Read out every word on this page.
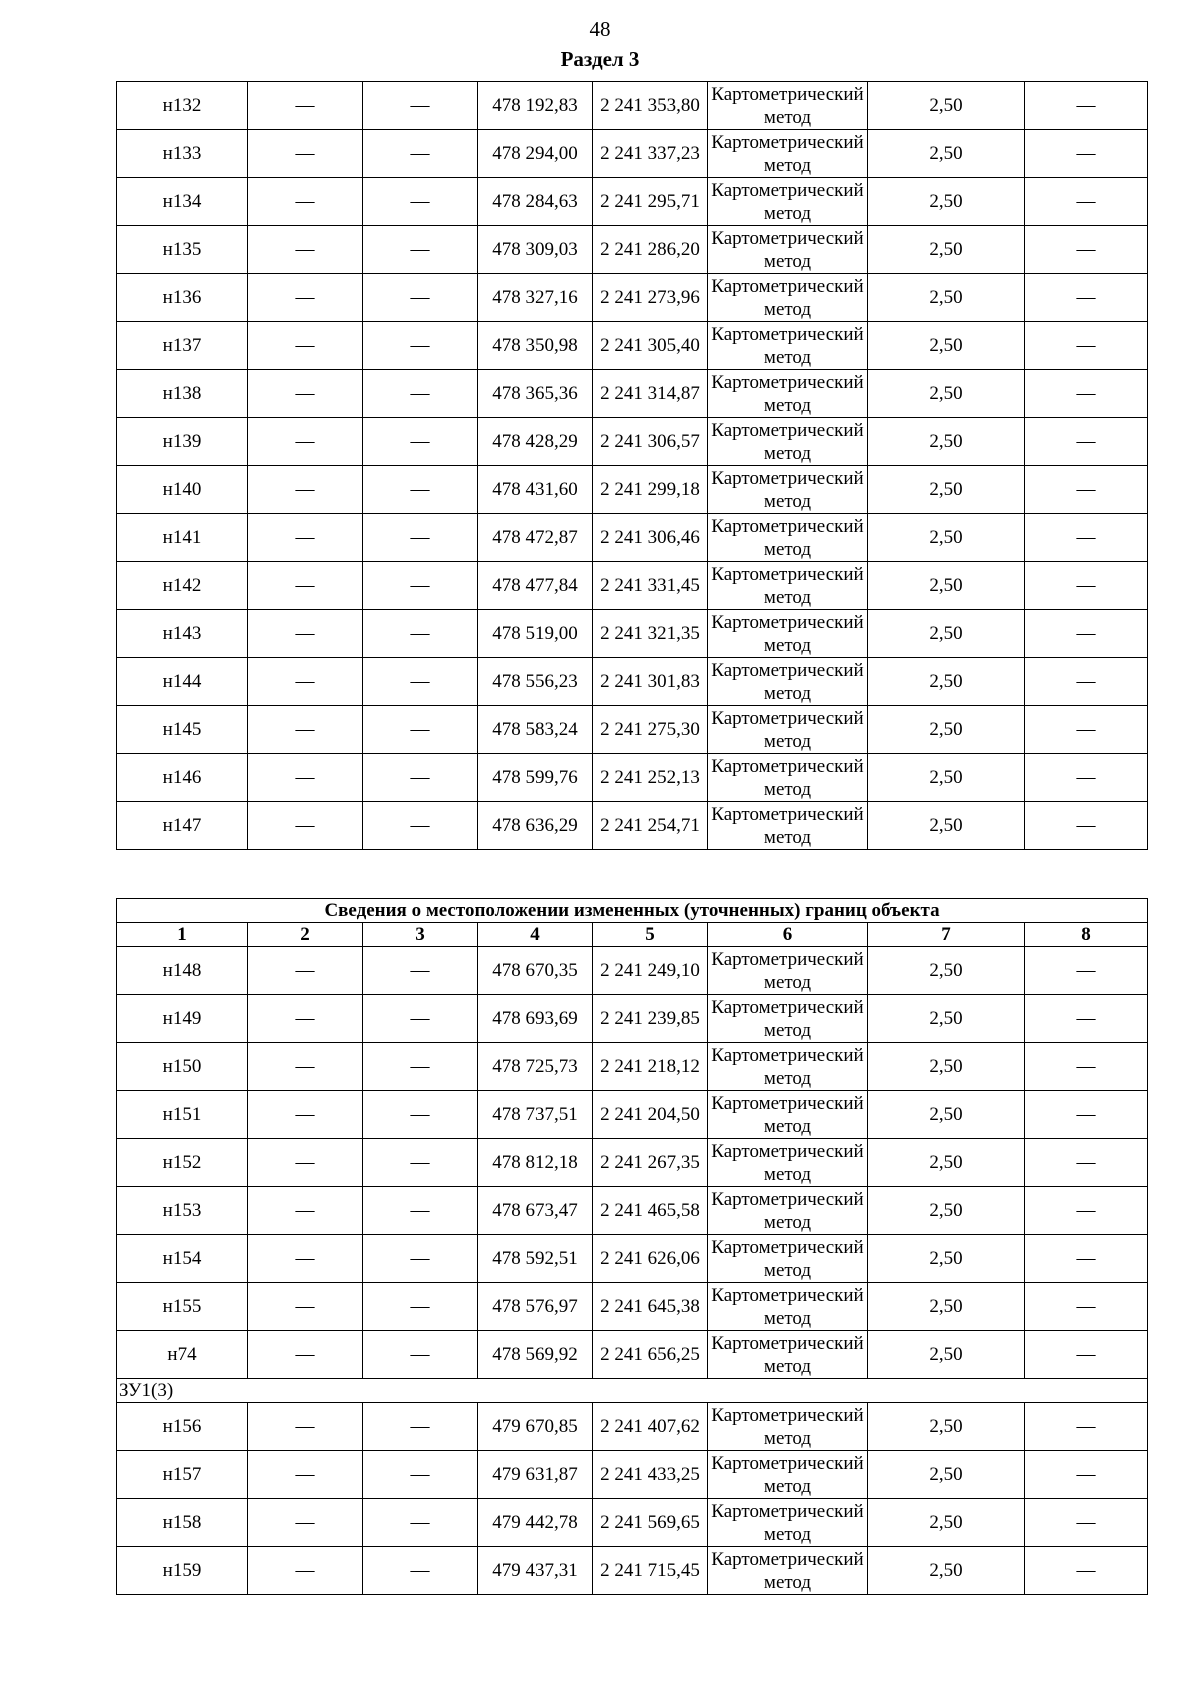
48
Раздел 3
н132	—	—	478 192,83	2 241 353,80	Картометрический метод	2,50	—
н133	—	—	478 294,00	2 241 337,23	Картометрический метод	2,50	—
н134	—	—	478 284,63	2 241 295,71	Картометрический метод	2,50	—
н135	—	—	478 309,03	2 241 286,20	Картометрический метод	2,50	—
н136	—	—	478 327,16	2 241 273,96	Картометрический метод	2,50	—
н137	—	—	478 350,98	2 241 305,40	Картометрический метод	2,50	—
н138	—	—	478 365,36	2 241 314,87	Картометрический метод	2,50	—
н139	—	—	478 428,29	2 241 306,57	Картометрический метод	2,50	—
н140	—	—	478 431,60	2 241 299,18	Картометрический метод	2,50	—
н141	—	—	478 472,87	2 241 306,46	Картометрический метод	2,50	—
н142	—	—	478 477,84	2 241 331,45	Картометрический метод	2,50	—
н143	—	—	478 519,00	2 241 321,35	Картометрический метод	2,50	—
н144	—	—	478 556,23	2 241 301,83	Картометрический метод	2,50	—
н145	—	—	478 583,24	2 241 275,30	Картометрический метод	2,50	—
н146	—	—	478 599,76	2 241 252,13	Картометрический метод	2,50	—
н147	—	—	478 636,29	2 241 254,71	Картометрический метод	2,50	—
Сведения о местоположении измененных (уточненных) границ объекта							
1	2	3	4	5	6	7	8
н148	—	—	478 670,35	2 241 249,10	Картометрический метод	2,50	—
н149	—	—	478 693,69	2 241 239,85	Картометрический метод	2,50	—
н150	—	—	478 725,73	2 241 218,12	Картометрический метод	2,50	—
н151	—	—	478 737,51	2 241 204,50	Картометрический метод	2,50	—
н152	—	—	478 812,18	2 241 267,35	Картометрический метод	2,50	—
н153	—	—	478 673,47	2 241 465,58	Картометрический метод	2,50	—
н154	—	—	478 592,51	2 241 626,06	Картометрический метод	2,50	—
н155	—	—	478 576,97	2 241 645,38	Картометрический метод	2,50	—
н74	—	—	478 569,92	2 241 656,25	Картометрический метод	2,50	—
ЗУ1(3)							
н156	—	—	479 670,85	2 241 407,62	Картометрический метод	2,50	—
н157	—	—	479 631,87	2 241 433,25	Картометрический метод	2,50	—
н158	—	—	479 442,78	2 241 569,65	Картометрический метод	2,50	—
н159	—	—	479 437,31	2 241 715,45	Картометрический метод	2,50	—
